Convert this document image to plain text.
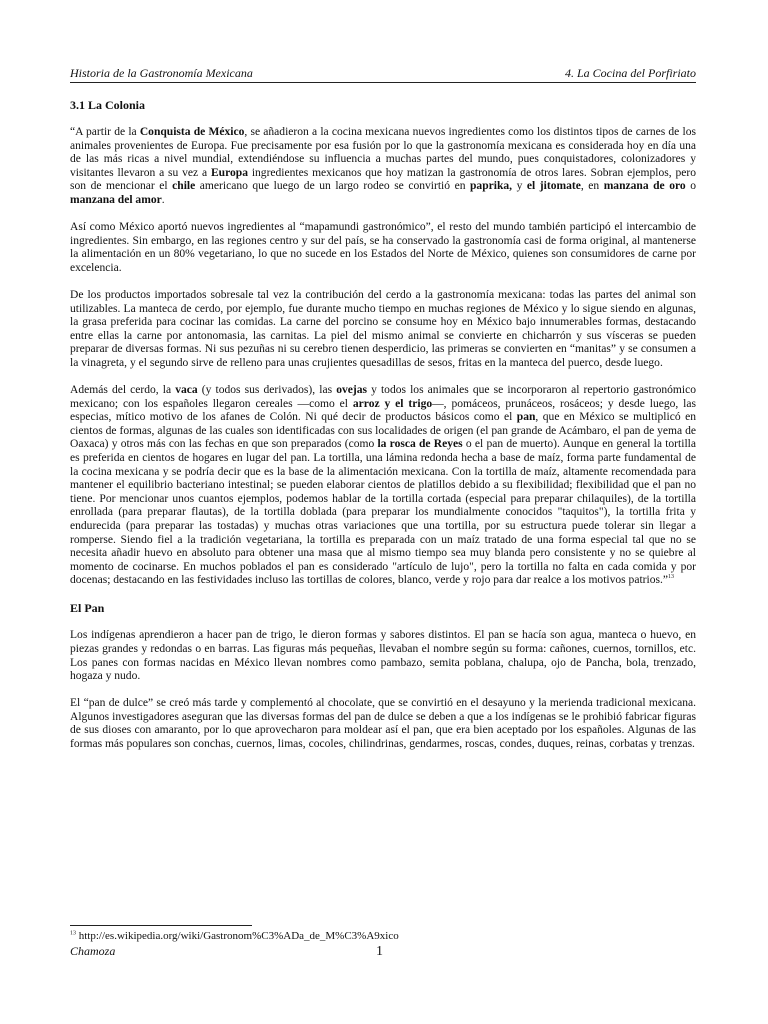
Historia de la Gastronomía Mexicana	4. La Cocina del Porfiriato
3.1 La Colonia

“A partir de la Conquista de México, se añadieron a la cocina mexicana nuevos ingredientes como los distintos tipos de carnes de los animales provenientes de Europa. Fue precisamente por esa fusión por lo que la gastronomía mexicana es considerada hoy en día una de las más ricas a nivel mundial, extendiéndose su influencia a muchas partes del mundo, pues conquistadores, colonizadores y visitantes llevaron a su vez a Europa ingredientes mexicanos que hoy matizan la gastronomía de otros lares. Sobran ejemplos, pero son de mencionar el chile americano que luego de un largo rodeo se convirtió en paprika, y el jitomate, en manzana de oro o manzana del amor.

Así como México aportó nuevos ingredientes al “mapamundi gastronómico”, el resto del mundo también participó el intercambio de ingredientes. Sin embargo, en las regiones centro y sur del país, se ha conservado la gastronomía casi de forma original, al mantenerse la alimentación en un 80% vegetariano, lo que no sucede en los Estados del Norte de México, quienes son consumidores de carne por excelencia.

De los productos importados sobresale tal vez la contribución del cerdo a la gastronomía mexicana: todas las partes del animal son utilizables. La manteca de cerdo, por ejemplo, fue durante mucho tiempo en muchas regiones de México y lo sigue siendo en algunas, la grasa preferida para cocinar las comidas. La carne del porcino se consume hoy en México bajo innumerables formas, destacando entre ellas la carne por antonomasia, las carnitas. La piel del mismo animal se convierte en chicharrón y sus vísceras se pueden preparar de diversas formas. Ni sus pezuñas ni su cerebro tienen desperdicio, las primeras se convierten en “manitas” y se consumen a la vinagreta, y el segundo sirve de relleno para unas crujientes quesadillas de sesos, fritas en la manteca del puerco, desde luego.

Además del cerdo, la vaca (y todos sus derivados), las ovejas y todos los animales que se incorporaron al repertorio gastronómico mexicano; con los españoles llegaron cereales —como el arroz y el trigo—, pomáceos, prunáceos, rosáceos; y desde luego, las especias, mítico motivo de los afanes de Colón. Ni qué decir de productos básicos como el pan, que en México se multiplicó en cientos de formas, algunas de las cuales son identificadas con sus localidades de origen (el pan grande de Acámbaro, el pan de yema de Oaxaca) y otros más con las fechas en que son preparados (como la rosca de Reyes o el pan de muerto). Aunque en general la tortilla es preferida en cientos de hogares en lugar del pan. La tortilla, una lámina redonda hecha a base de maíz, forma parte fundamental de la cocina mexicana y se podría decir que es la base de la alimentación mexicana. Con la tortilla de maíz, altamente recomendada para mantener el equilibrio bacteriano intestinal; se pueden elaborar cientos de platillos debido a su flexibilidad; flexibilidad que el pan no tiene. Por mencionar unos cuantos ejemplos, podemos hablar de la tortilla cortada (especial para preparar chilaquiles), de la tortilla enrollada (para preparar flautas), de la tortilla doblada (para preparar los mundialmente conocidos "taquitos"), la tortilla frita y endurecida (para preparar las tostadas) y muchas otras variaciones que una tortilla, por su estructura puede tolerar sin llegar a romperse. Siendo fiel a la tradición vegetariana, la tortilla es preparada con un maíz tratado de una forma especial tal que no se necesita añadir huevo en absoluto para obtener una masa que al mismo tiempo sea muy blanda pero consistente y no se quiebre al momento de cocinarse. En muchos poblados el pan es considerado "artículo de lujo", pero la tortilla no falta en cada comida y por docenas; destacando en las festividades incluso las tortillas de colores, blanco, verde y rojo para dar realce a los motivos patrios.”$^{13}$

El Pan

Los indígenas aprendieron a hacer pan de trigo, le dieron formas y sabores distintos. El pan se hacía son agua, manteca o huevo, en piezas grandes y redondas o en barras. Las figuras más pequeñas, llevaban el nombre según su forma: cañones, cuernos, tornillos, etc. Los panes con formas nacidas en México llevan nombres como pambazo, semita poblana, chalupa, ojo de Pancha, bola, trenzado, hogaza y nudo.

El “pan de dulce” se creó más tarde y complementó al chocolate, que se convirtió en el desayuno y la merienda tradicional mexicana. Algunos investigadores aseguran que las diversas formas del pan de dulce se deben a que a los indígenas se le prohibió fabricar figuras de sus dioses con amaranto, por lo que aprovecharon para moldear así el pan, que era bien aceptado por los españoles. Algunas de las formas más populares son conchas, cuernos, limas, cocoles, chilindrinas, gendarmes, roscas, condes, duques, reinas, corbatas y trenzas.

$^{13}$ http://es.wikipedia.org/wiki/Gastronom%C3%ADa_de_M%C3%A9xico
Chamoza	1
